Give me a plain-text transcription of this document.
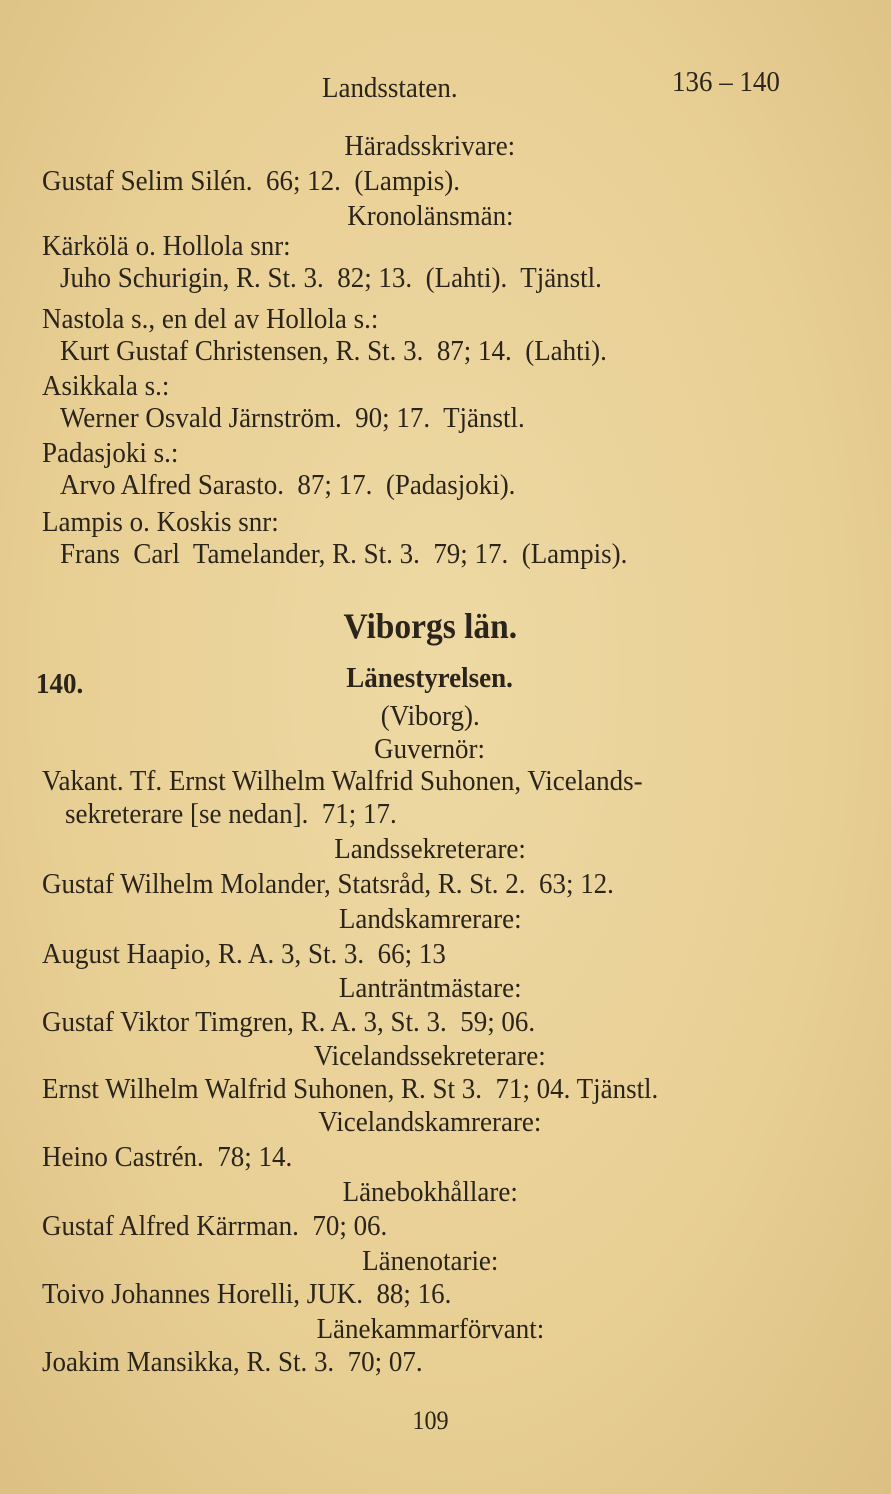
Landsstaten.	136 – 140
Häradsskrivare:
Gustaf Selim Silén.  66; 12.  (Lampis).
Kronolänsmän:
Kärkölä o. Hollola snr:
Juho Schurigin, R. St. 3.  82; 13.  (Lahti).  Tjänstl.
Nastola s., en del av Hollola s.:
Kurt Gustaf Christensen, R. St. 3.  87; 14.  (Lahti).
Asikkala s.:
Werner Osvald Järnström.  90; 17.  Tjänstl.
Padasjoki s.:
Arvo Alfred Sarasto.  87; 17.  (Padasjoki).
Lampis o. Koskis snr:
Frans  Carl  Tamelander, R. St. 3.  79; 17.  (Lampis).
Viborgs län.
140.	Länestyrelsen.
(Viborg).
Guvernör:
Vakant. Tf. Ernst Wilhelm Walfrid Suhonen, Vicelands-
sekreterare [se nedan].  71; 17.
Landssekreterare:
Gustaf Wilhelm Molander, Statsråd, R. St. 2.  63; 12.
Landskamrerare:
August Haapio, R. A. 3, St. 3.  66; 13
Lanträntmästare:
Gustaf Viktor Timgren, R. A. 3, St. 3.  59; 06.
Vicelandssekreterare:
Ernst Wilhelm Walfrid Suhonen, R. St 3.  71; 04. Tjänstl.
Vicelandskamrerare:
Heino Castrén.  78; 14.
Länebokhållare:
Gustaf Alfred Kärrman.  70; 06.
Länenotarie:
Toivo Johannes Horelli, JUK.  88; 16.
Länekammarförvant:
Joakim Mansikka, R. St. 3.  70; 07.
109
